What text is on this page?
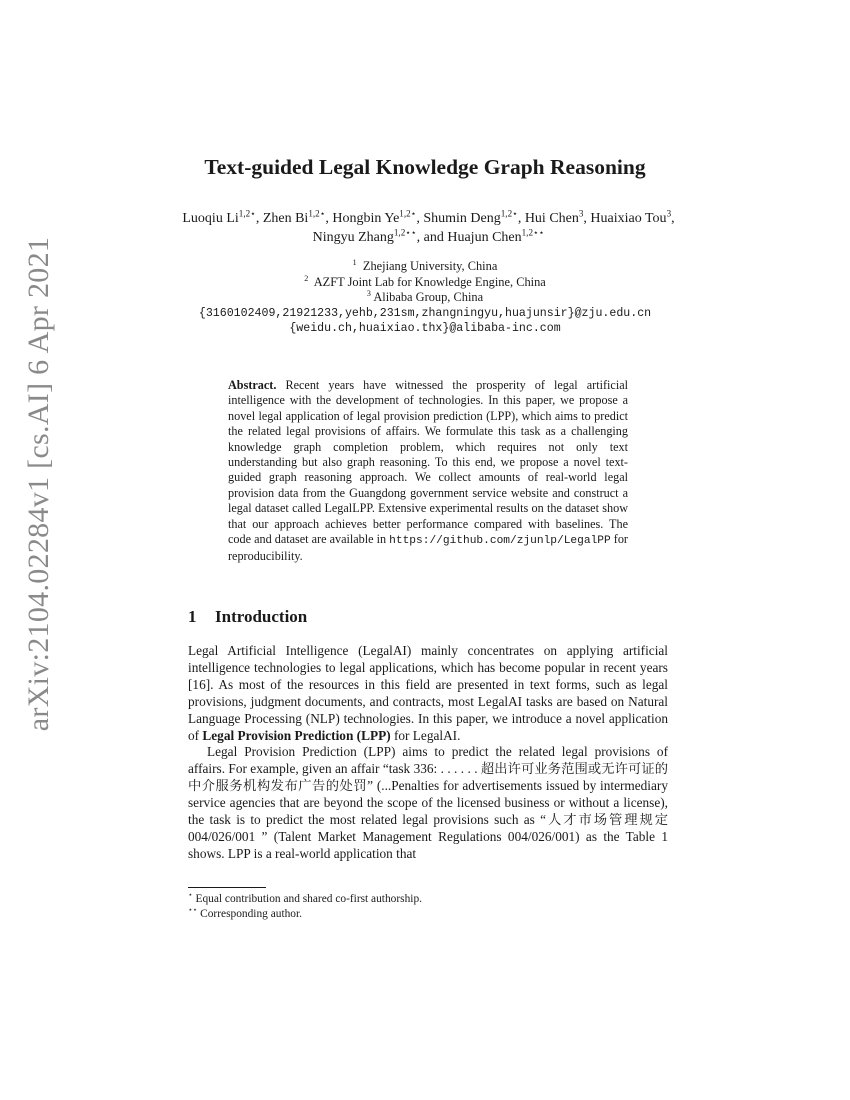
arXiv:2104.02284v1 [cs.AI] 6 Apr 2021
Text-guided Legal Knowledge Graph Reasoning
Luoqiu $Li^{1,2⋆}$, Zhen $Bi^{1,2⋆}$, Hongbin $Ye^{1,2⋆}$, Shumin Deng$^{1,2⋆}$, Hui Chen$^3$, Huaixiao Tou$^3$, Ningyu Zhang$^{1,2⋆⋆}$, and Huajun Chen$^{1,2⋆⋆}$
$^1$ Zhejiang University, China
$^2$ AZFT Joint Lab for Knowledge Engine, China
$^3$ Alibaba Group, China
{3160102409,21921233,yehb,231sm,zhangningyu,huajunsir}@zju.edu.cn
{weidu.ch,huaixiao.thx}@alibaba-inc.com

Abstract. Recent years have witnessed the prosperity of legal artificial intelligence with the development of technologies. In this paper, we propose a novel legal application of legal provision prediction (LPP), which aims to predict the related legal provisions of affairs. We formulate this task as a challenging knowledge graph completion problem, which requires not only text understanding but also graph reasoning. To this end, we propose a novel text-guided graph reasoning approach. We collect amounts of real-world legal provision data from the Guangdong government service website and construct a legal dataset called LegalLPP. Extensive experimental results on the dataset show that our approach achieves better performance compared with baselines. The code and dataset are available in https://github.com/zjunlp/LegalPP for reproducibility.

1 Introduction

Legal Artificial Intelligence (LegalAI) mainly concentrates on applying artificial intelligence technologies to legal applications, which has become popular in recent years [16]. As most of the resources in this field are presented in text forms, such as legal provisions, judgment documents, and contracts, most LegalAI tasks are based on Natural Language Processing (NLP) technologies. In this paper, we introduce a novel application of Legal Provision Prediction (LPP) for LegalAI.

Legal Provision Prediction (LPP) aims to predict the related legal provisions of affairs. For example, given an affair “task 336: . . . . . . 超出许可业务范围或无许可证的中介服务机构发布广告的处罚” (...Penalties for advertisements issued by intermediary service agencies that are beyond the scope of the licensed business or without a license), the task is to predict the most related legal provisions such as “人才市场管理规定 004/026/001 ” (Talent Market Management Regulations 004/026/001) as the Table 1 shows. LPP is a real-world application that

⋆ Equal contribution and shared co-first authorship.
⋆⋆ Corresponding author.
